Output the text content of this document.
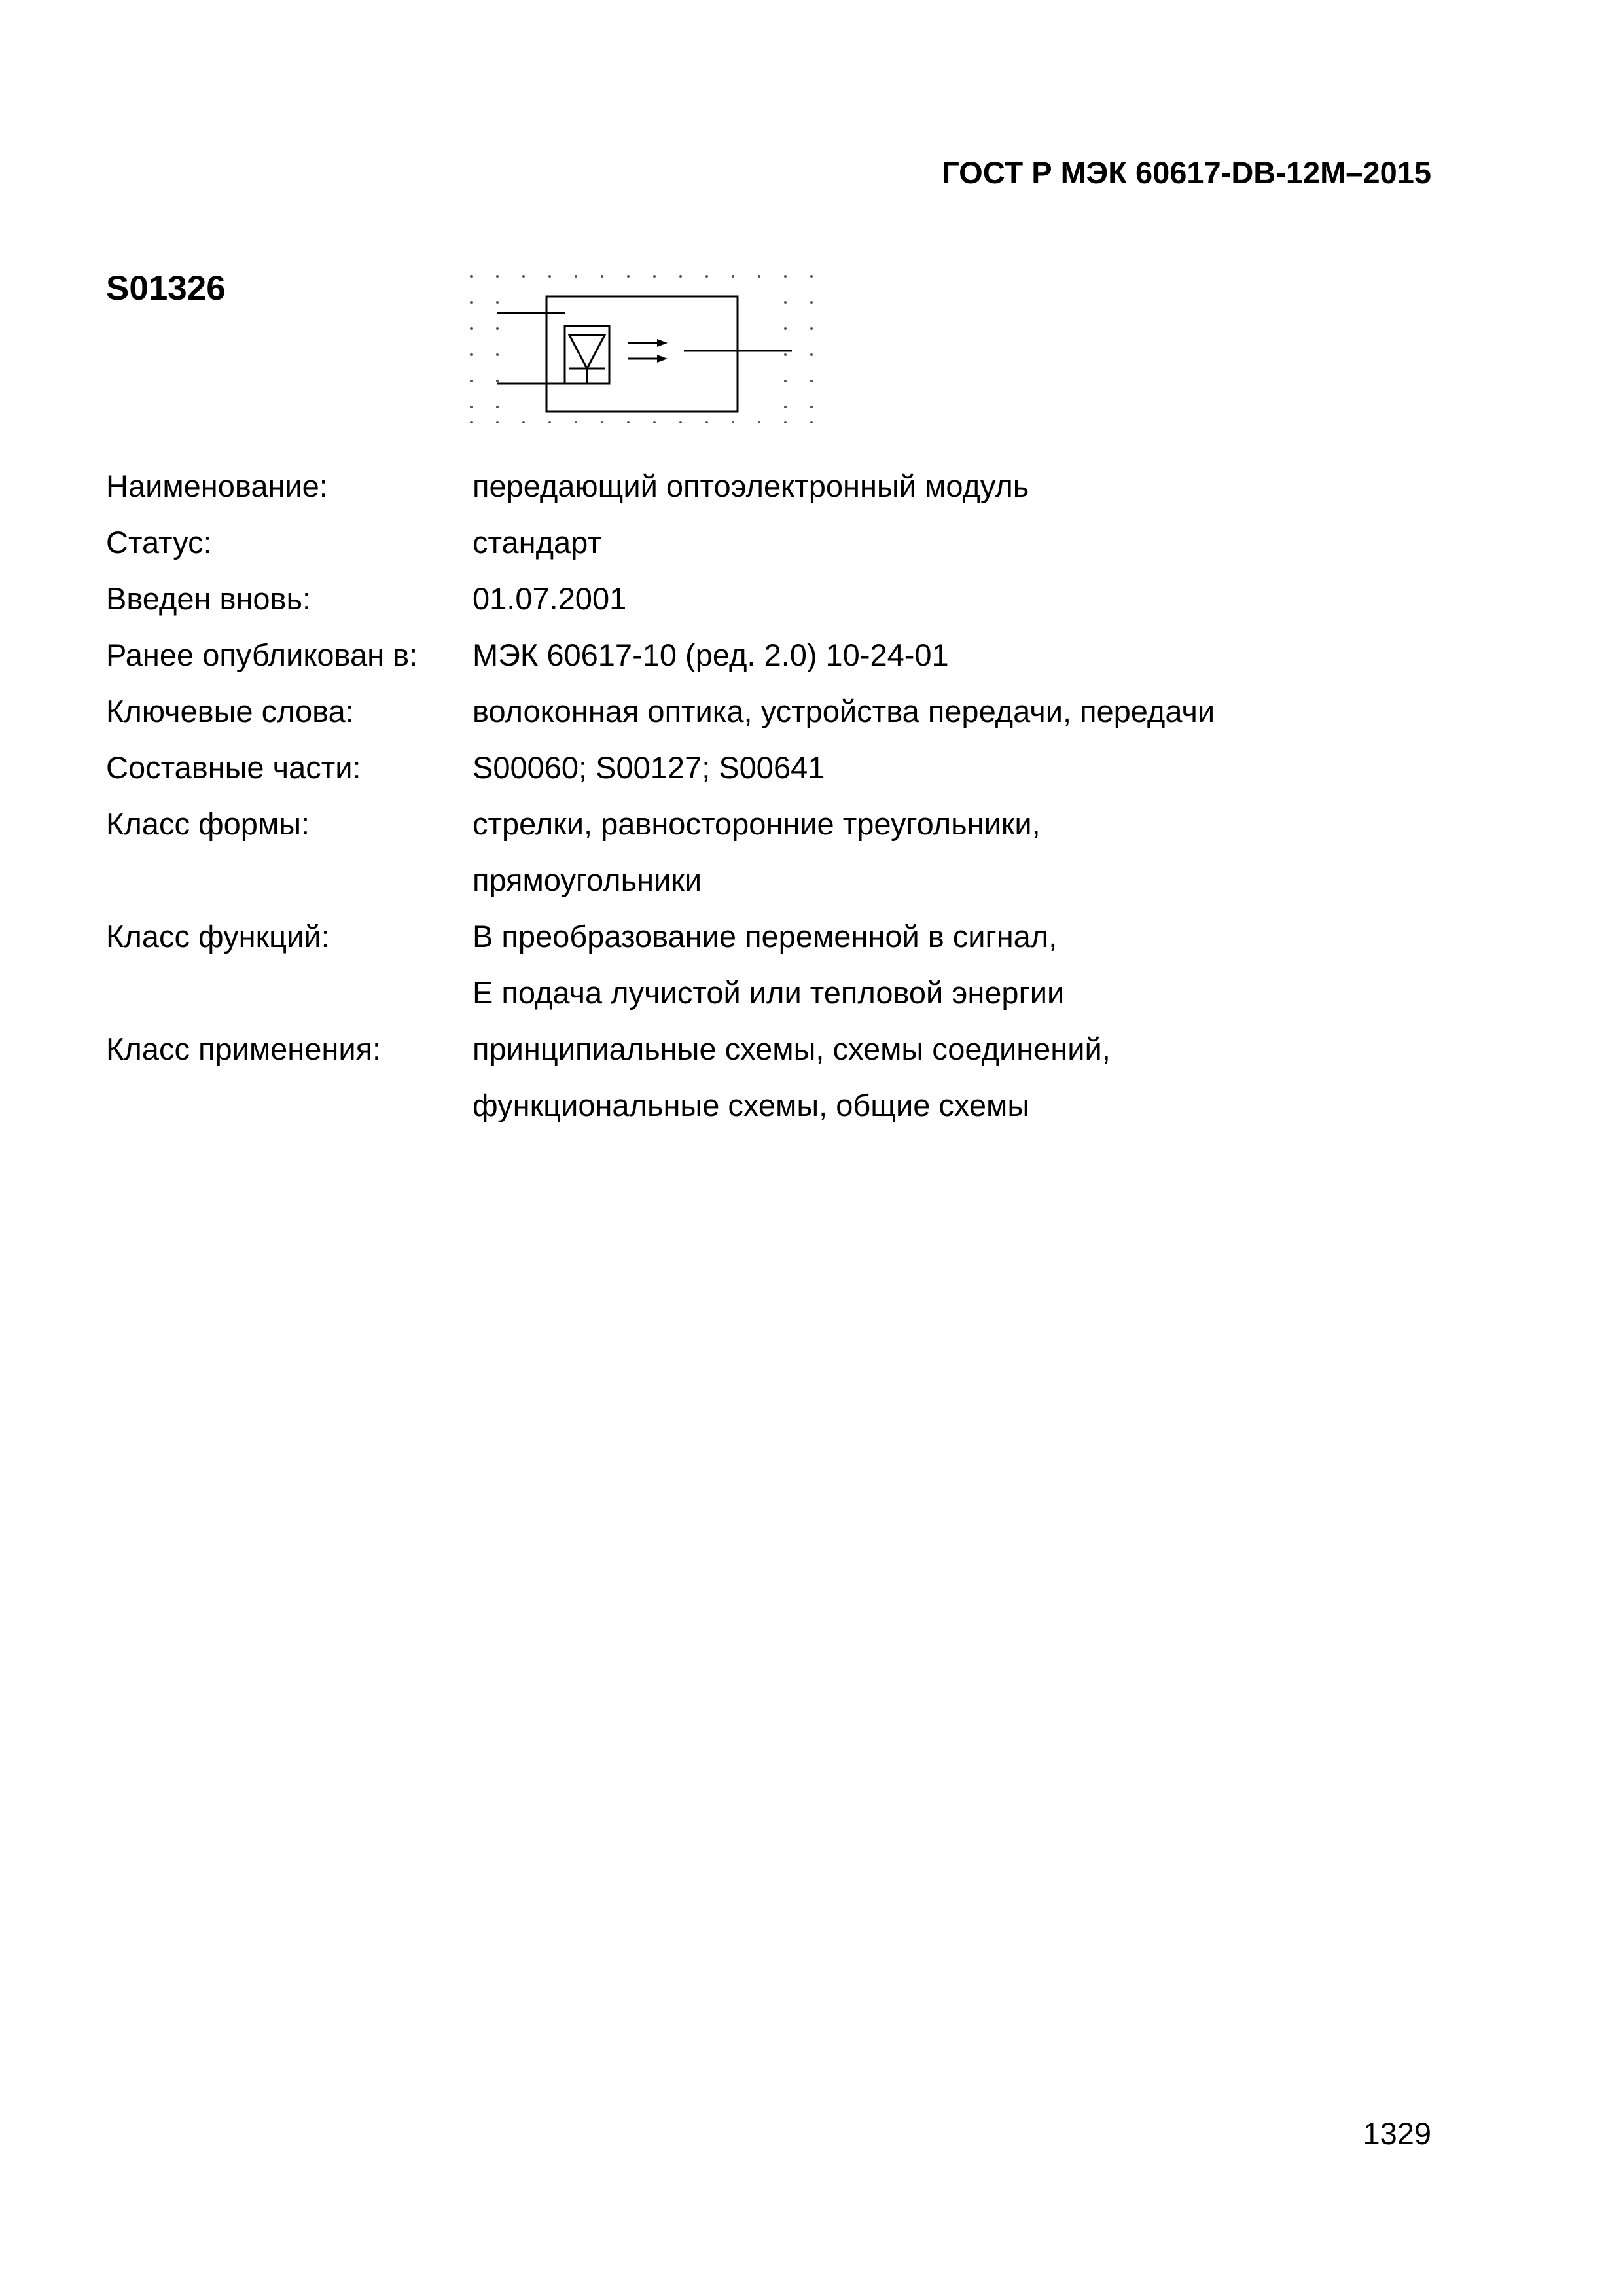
ГОСТ Р МЭК 60617-DB-12M–2015
S01326
Наименование:	передающий оптоэлектронный модуль
Статус:	стандарт
Введен вновь:	01.07.2001
Ранее опубликован в:	МЭК 60617-10 (ред. 2.0) 10-24-01
Ключевые слова:	волоконная оптика, устройства передачи, передачи
Составные части:	S00060; S00127; S00641
Класс формы:	стрелки, равносторонние треугольники,
прямоугольники
Класс функций:	В преобразование переменной в сигнал,
Е подача лучистой или тепловой энергии
Класс применения:	принципиальные схемы, схемы соединений,
функциональные схемы, общие схемы
1329
